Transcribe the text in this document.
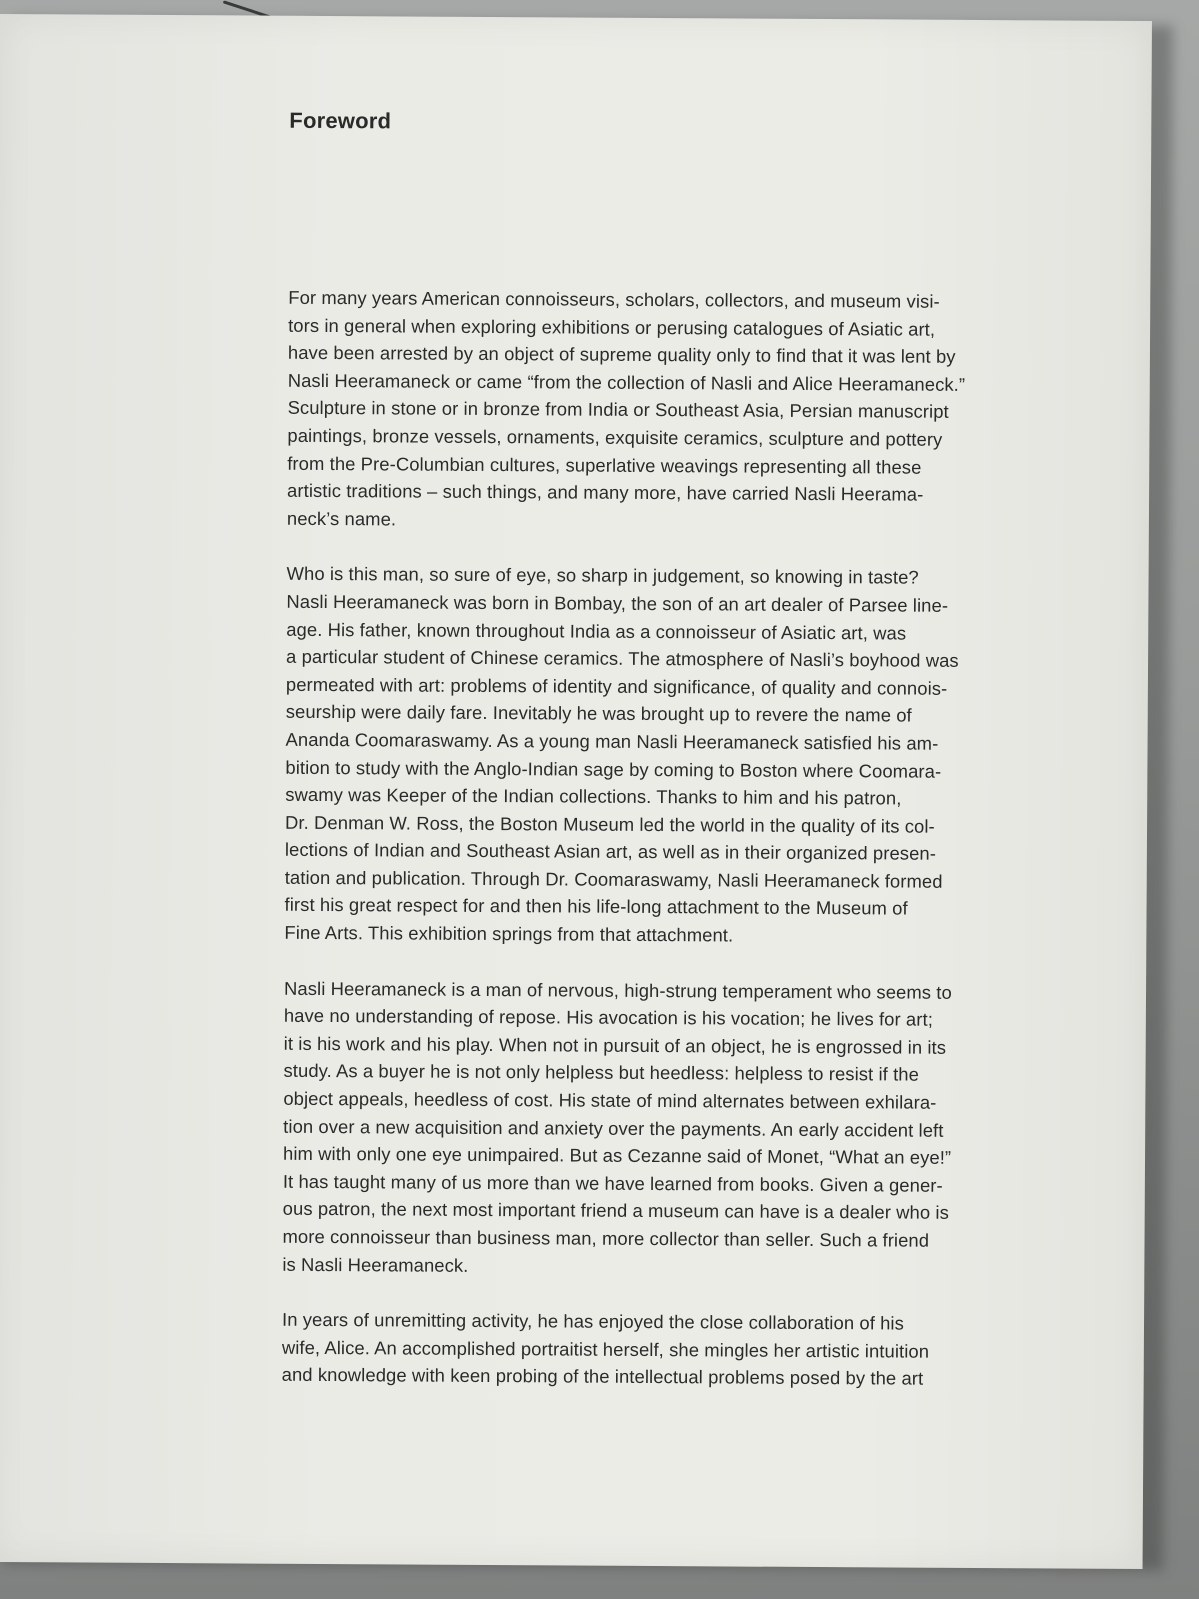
Foreword

For many years American connoisseurs, scholars, collectors, and museum visi-
tors in general when exploring exhibitions or perusing catalogues of Asiatic art,
have been arrested by an object of supreme quality only to find that it was lent by
Nasli Heeramaneck or came “from the collection of Nasli and Alice Heeramaneck.”
Sculpture in stone or in bronze from India or Southeast Asia, Persian manuscript
paintings, bronze vessels, ornaments, exquisite ceramics, sculpture and pottery
from the Pre-Columbian cultures, superlative weavings representing all these
artistic traditions – such things, and many more, have carried Nasli Heerama-
neck’s name.

Who is this man, so sure of eye, so sharp in judgement, so knowing in taste?
Nasli Heeramaneck was born in Bombay, the son of an art dealer of Parsee line-
age. His father, known throughout India as a connoisseur of Asiatic art, was
a particular student of Chinese ceramics. The atmosphere of Nasli’s boyhood was
permeated with art: problems of identity and significance, of quality and connois-
seurship were daily fare. Inevitably he was brought up to revere the name of
Ananda Coomaraswamy. As a young man Nasli Heeramaneck satisfied his am-
bition to study with the Anglo-Indian sage by coming to Boston where Coomara-
swamy was Keeper of the Indian collections. Thanks to him and his patron,
Dr. Denman W. Ross, the Boston Museum led the world in the quality of its col-
lections of Indian and Southeast Asian art, as well as in their organized presen-
tation and publication. Through Dr. Coomaraswamy, Nasli Heeramaneck formed
first his great respect for and then his life-long attachment to the Museum of
Fine Arts. This exhibition springs from that attachment.

Nasli Heeramaneck is a man of nervous, high-strung temperament who seems to
have no understanding of repose. His avocation is his vocation; he lives for art;
it is his work and his play. When not in pursuit of an object, he is engrossed in its
study. As a buyer he is not only helpless but heedless: helpless to resist if the
object appeals, heedless of cost. His state of mind alternates between exhilara-
tion over a new acquisition and anxiety over the payments. An early accident left
him with only one eye unimpaired. But as Cezanne said of Monet, “What an eye!”
It has taught many of us more than we have learned from books. Given a gener-
ous patron, the next most important friend a museum can have is a dealer who is
more connoisseur than business man, more collector than seller. Such a friend
is Nasli Heeramaneck.

In years of unremitting activity, he has enjoyed the close collaboration of his
wife, Alice. An accomplished portraitist herself, she mingles her artistic intuition
and knowledge with keen probing of the intellectual problems posed by the art
